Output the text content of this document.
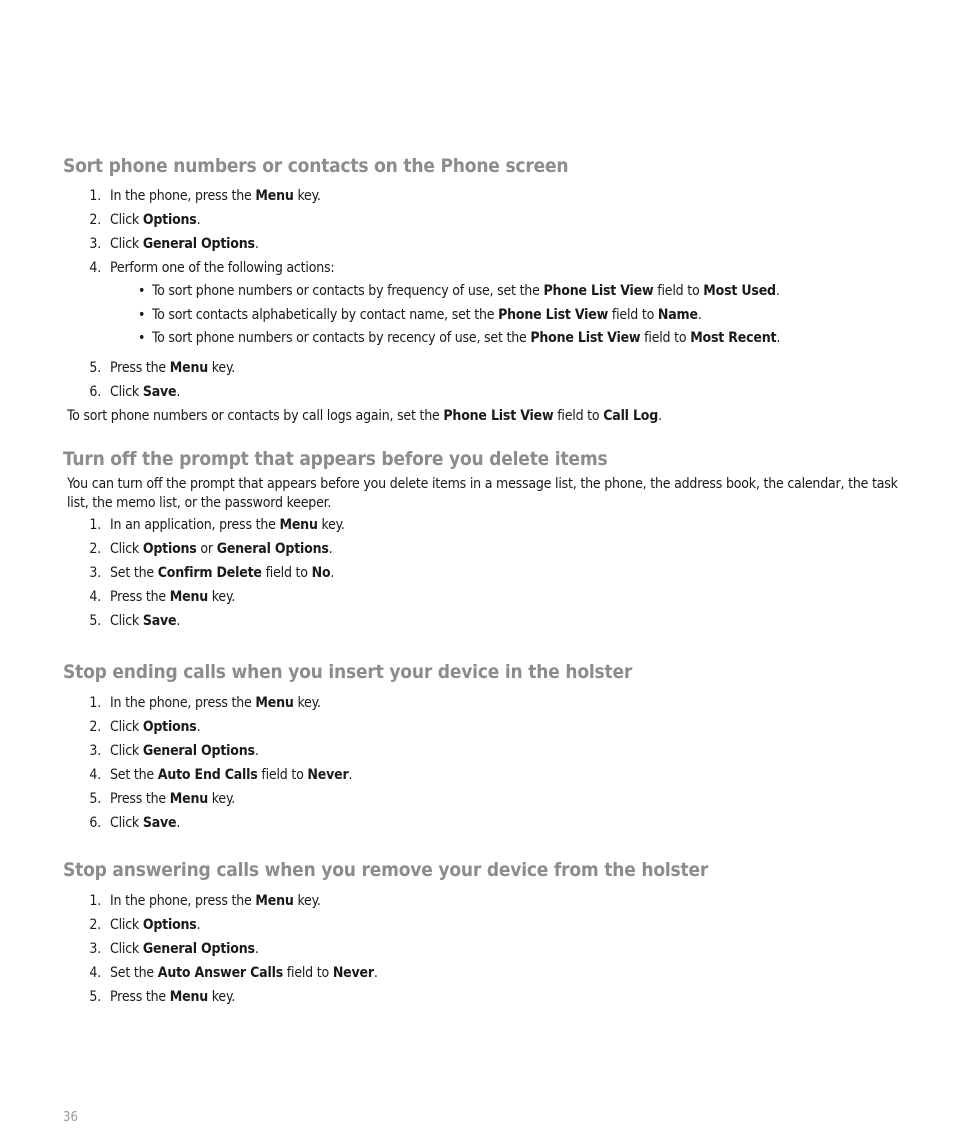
Sort phone numbers or contacts on the Phone screen
1 . In the phone, press the Menu key.
2 . Click Options.
3 . Click General Options.
4 . Perform one of the following actions:
• To sort phone numbers or contacts by frequency of use, set the Phone List View field to Most Used.
• To sort contacts alphabetically by contact name, set the Phone List View field to Name.
• To sort phone numbers or contacts by recency of use, set the Phone List View field to Most Recent.
5 . Press the Menu key.
6 . Click Save.

To sort phone numbers or contacts by call logs again, set the Phone List View field to Call Log.

Turn off the prompt that appears before you delete items

You can turn off the prompt that appears before you delete items in a message list, the phone, the address book, the calendar, the task list, the memo list, or the password keeper.

1 . In an application, press the Menu key.
2 . Click Options or General Options.
3 . Set the Confirm Delete field to No.
4 . Press the Menu key.
5 . Click Save.
Stop ending calls when you insert your device in the holster
1 . In the phone, press the Menu key.
2 . Click Options.
3 . Click General Options.
4 . Set the Auto End Calls field to Never.
5 . Press the Menu key.
6 . Click Save.
Stop answering calls when you remove your device from the holster
1 . In the phone, press the Menu key.
2 . Click Options.
3 . Click General Options.
4 . Set the Auto Answer Calls field to Never.
5 . Press the Menu key.
36
